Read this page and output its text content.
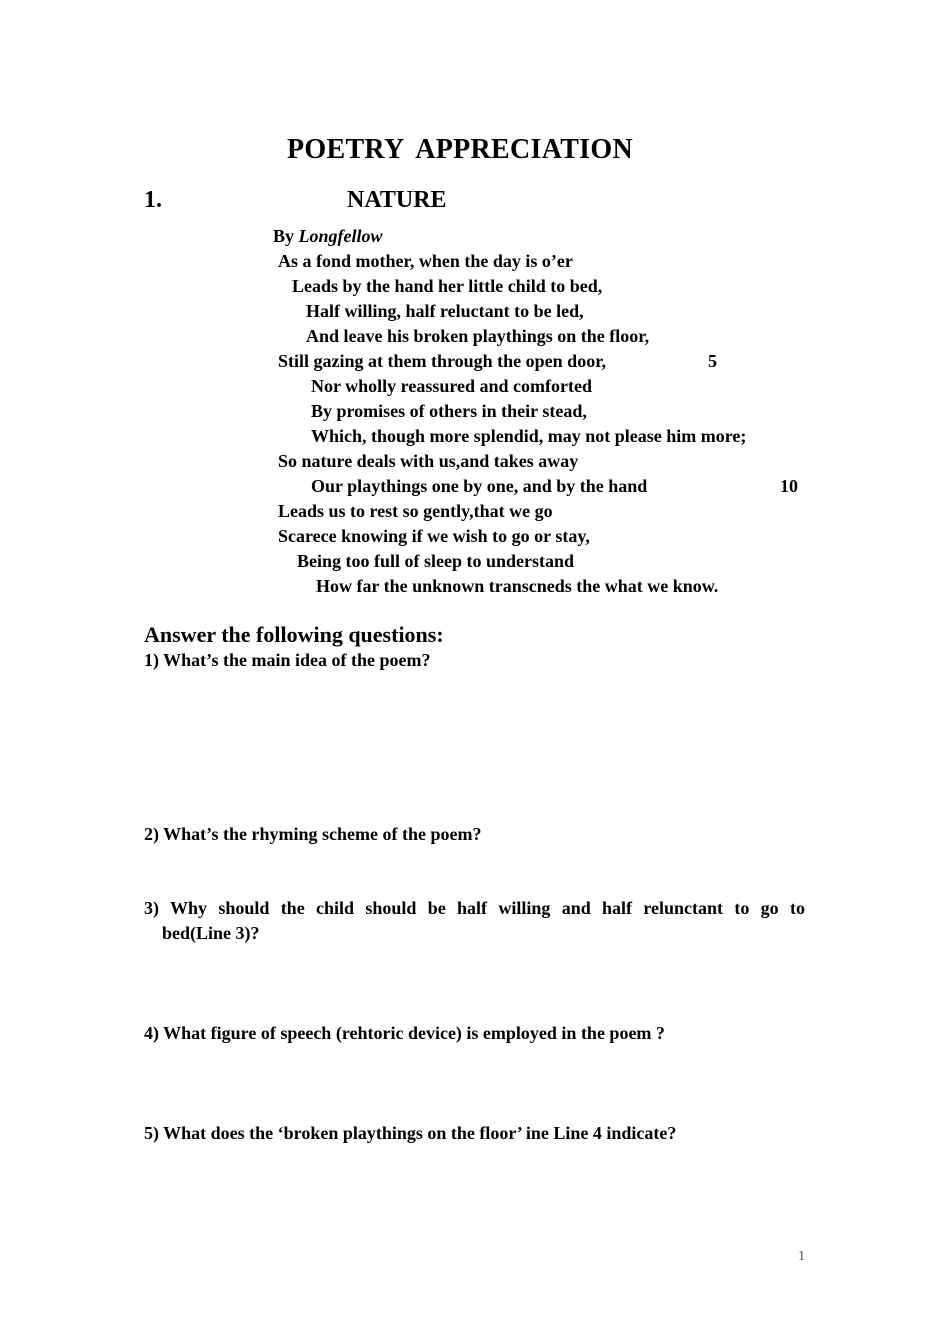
POETRY APPRECIATION
1.	NATURE
By Longfellow
As a fond mother, when the day is o’er
Leads by the hand her little child to bed,
Half willing, half reluctant to be led,
And leave his broken playthings on the floor,
Still gazing at them through the open door,	5
Nor wholly reassured and comforted
By promises of others in their stead,
Which, though more splendid, may not please him more;
So nature deals with us,and takes away
Our playthings one by one, and by the hand	10
Leads us to rest so gently,that we go
Scarece knowing if we wish to go or stay,
Being too full of sleep to understand
How far the unknown transcneds the what we know.
Answer the following questions:
1) What’s the main idea of the poem?
2) What’s the rhyming scheme of the poem?
3) Why should the child should be half willing and half relunctant to go to
bed(Line 3)?
4) What figure of speech (rehtoric device) is employed in the poem ?
5) What does the ‘broken playthings on the floor’ ine Line 4 indicate?
1
